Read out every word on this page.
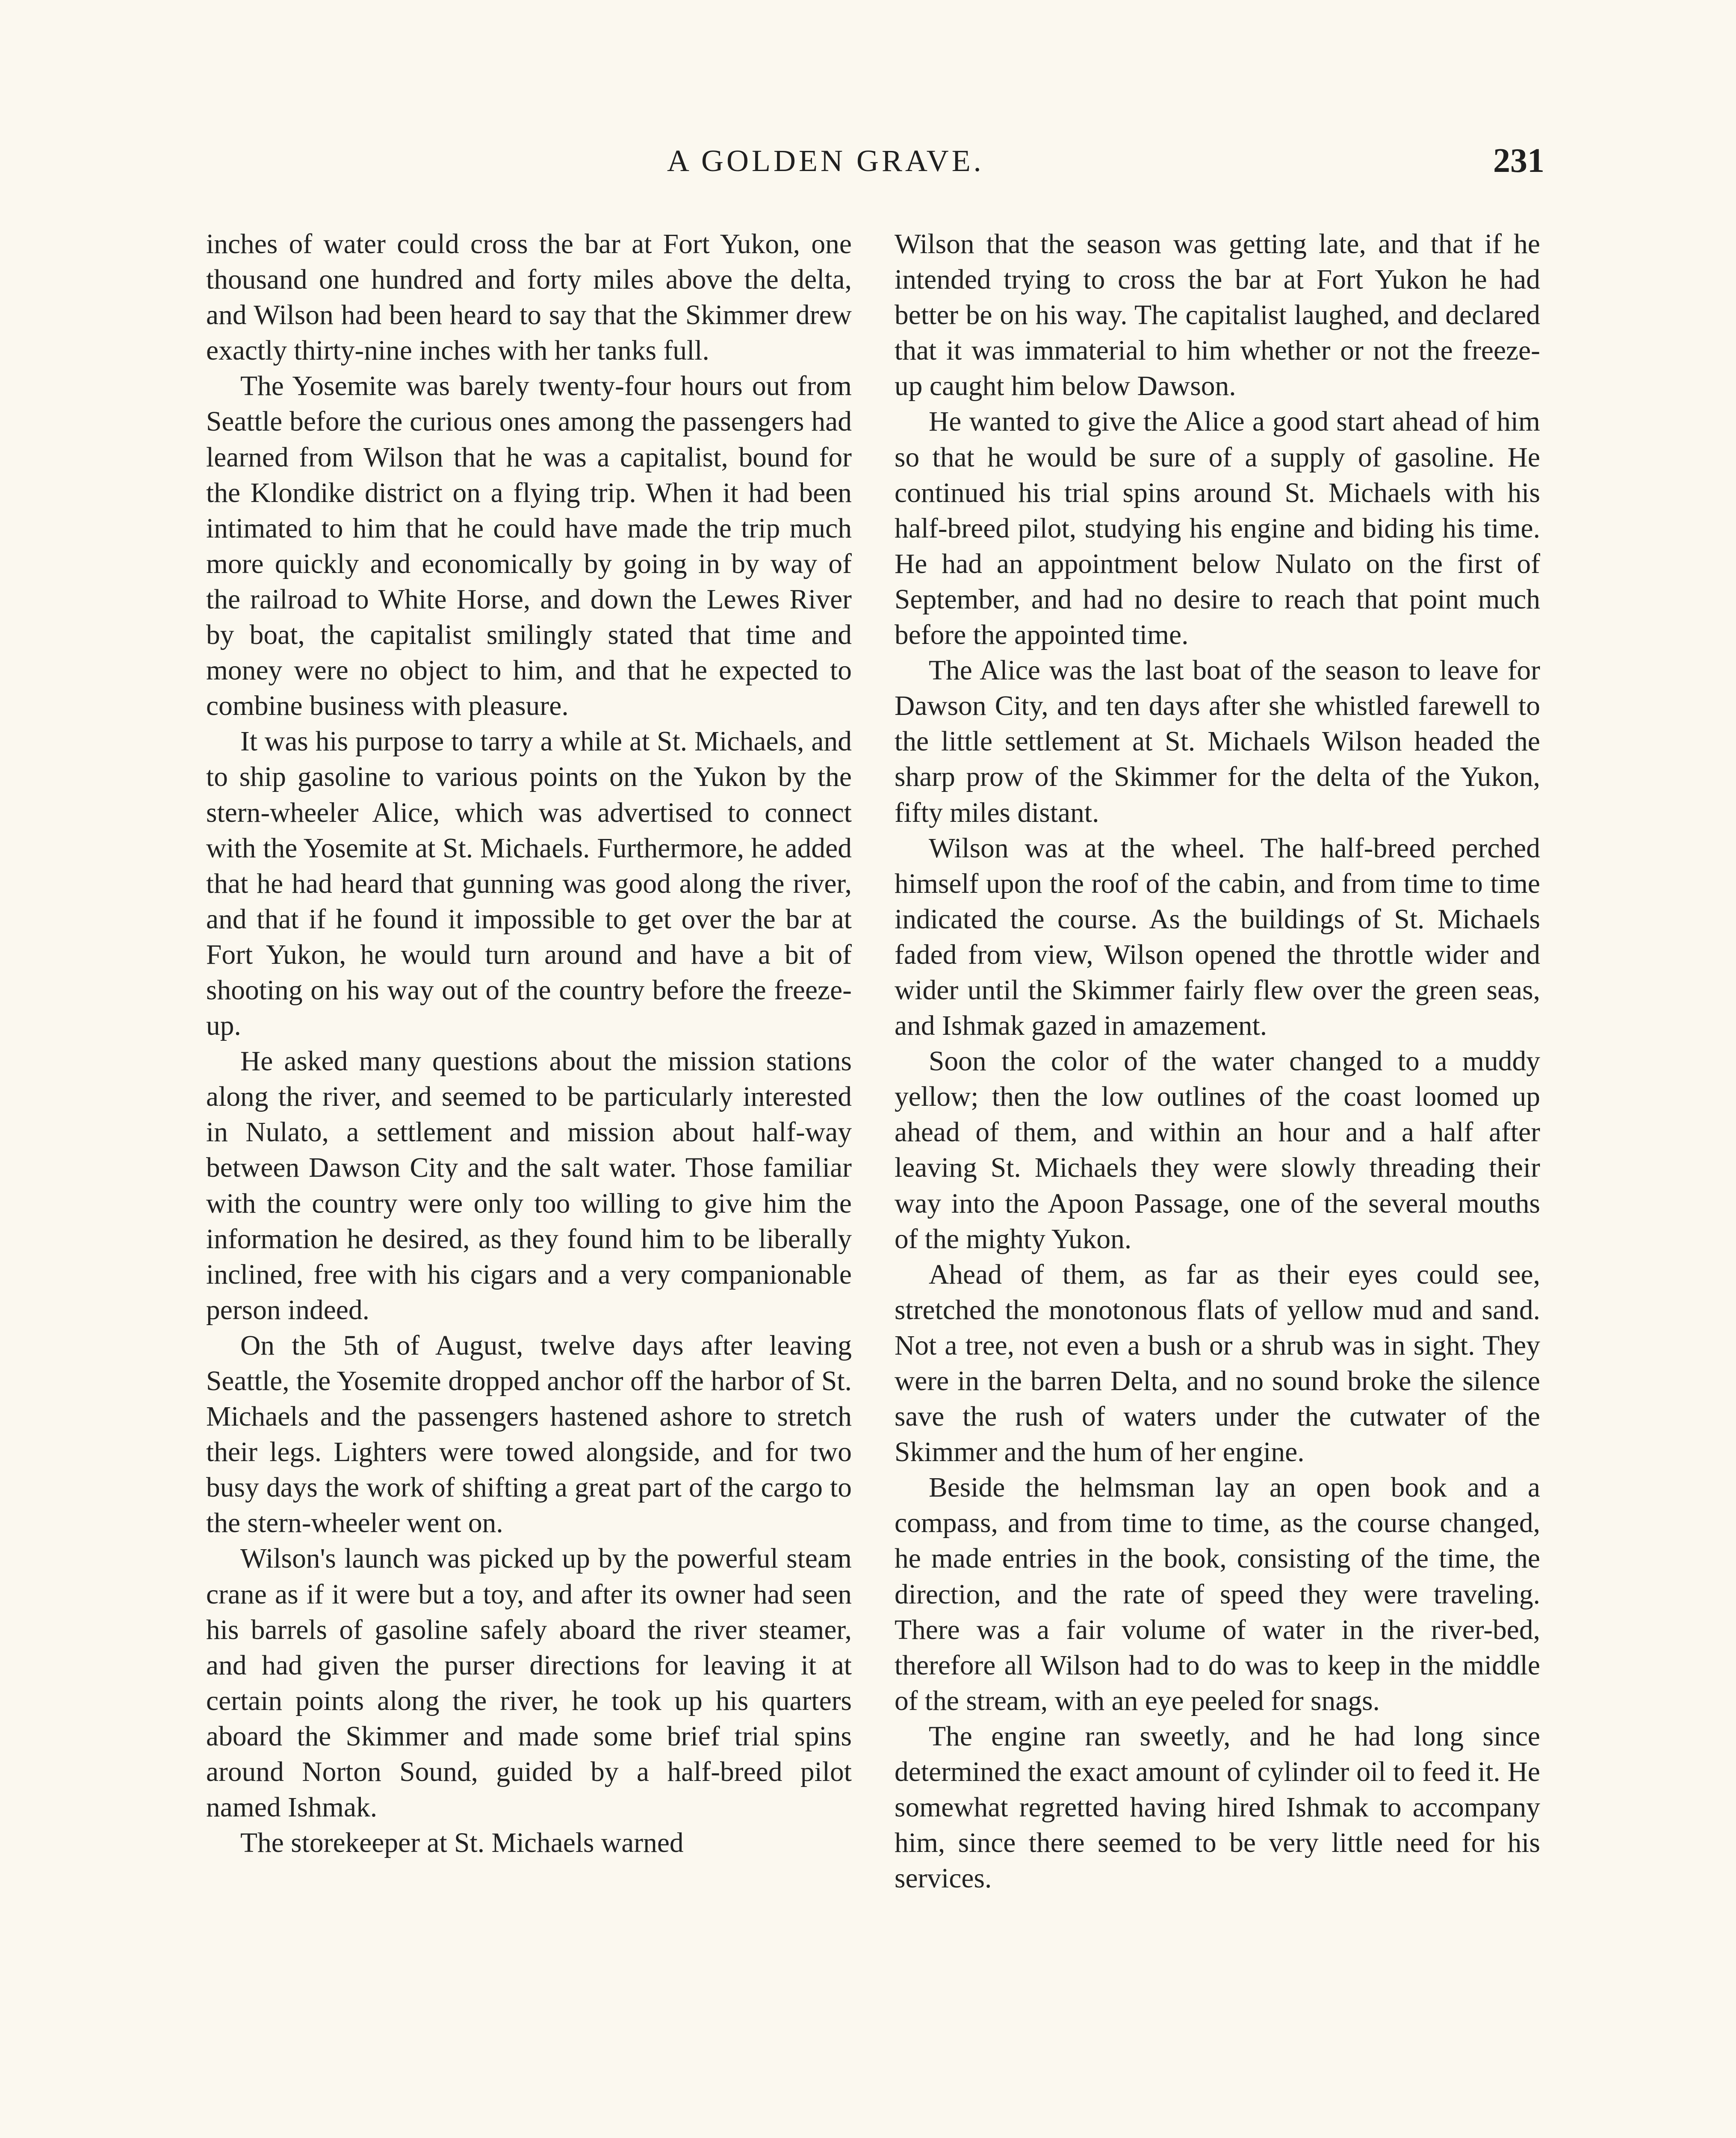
A GOLDEN GRAVE.	231

inches of water could cross the bar at Fort Yukon, one thousand one hundred and forty miles above the delta, and Wilson had been heard to say that the Skimmer drew exactly thirty-nine inches with her tanks full.

The Yosemite was barely twenty-four hours out from Seattle before the curious ones among the passengers had learned from Wilson that he was a capitalist, bound for the Klondike district on a flying trip. When it had been intimated to him that he could have made the trip much more quickly and economically by going in by way of the railroad to White Horse, and down the Lewes River by boat, the capitalist smilingly stated that time and money were no object to him, and that he expected to combine business with pleasure.

It was his purpose to tarry a while at St. Michaels, and to ship gasoline to various points on the Yukon by the stern-wheeler Alice, which was advertised to connect with the Yosemite at St. Michaels. Furthermore, he added that he had heard that gunning was good along the river, and that if he found it impossible to get over the bar at Fort Yukon, he would turn around and have a bit of shooting on his way out of the country before the freeze-up.

He asked many questions about the mission stations along the river, and seemed to be particularly interested in Nulato, a settlement and mission about half-way between Dawson City and the salt water. Those familiar with the country were only too willing to give him the information he desired, as they found him to be liberally inclined, free with his cigars and a very companionable person indeed.

On the 5th of August, twelve days after leaving Seattle, the Yosemite dropped anchor off the harbor of St. Michaels and the passengers hastened ashore to stretch their legs. Lighters were towed alongside, and for two busy days the work of shifting a great part of the cargo to the stern-wheeler went on.

Wilson's launch was picked up by the powerful steam crane as if it were but a toy, and after its owner had seen his barrels of gasoline safely aboard the river steamer, and had given the purser directions for leaving it at certain points along the river, he took up his quarters aboard the Skimmer and made some brief trial spins around Norton Sound, guided by a half-breed pilot named Ishmak.

The storekeeper at St. Michaels warned

Wilson that the season was getting late, and that if he intended trying to cross the bar at Fort Yukon he had better be on his way. The capitalist laughed, and declared that it was immaterial to him whether or not the freeze-up caught him below Dawson.

He wanted to give the Alice a good start ahead of him so that he would be sure of a supply of gasoline. He continued his trial spins around St. Michaels with his half-breed pilot, studying his engine and biding his time. He had an appointment below Nulato on the first of September, and had no desire to reach that point much before the appointed time.

The Alice was the last boat of the season to leave for Dawson City, and ten days after she whistled farewell to the little settlement at St. Michaels Wilson headed the sharp prow of the Skimmer for the delta of the Yukon, fifty miles distant.

Wilson was at the wheel. The half-breed perched himself upon the roof of the cabin, and from time to time indicated the course. As the buildings of St. Michaels faded from view, Wilson opened the throttle wider and wider until the Skimmer fairly flew over the green seas, and Ishmak gazed in amazement.

Soon the color of the water changed to a muddy yellow; then the low outlines of the coast loomed up ahead of them, and within an hour and a half after leaving St. Michaels they were slowly threading their way into the Apoon Passage, one of the several mouths of the mighty Yukon.

Ahead of them, as far as their eyes could see, stretched the monotonous flats of yellow mud and sand. Not a tree, not even a bush or a shrub was in sight. They were in the barren Delta, and no sound broke the silence save the rush of waters under the cutwater of the Skimmer and the hum of her engine.

Beside the helmsman lay an open book and a compass, and from time to time, as the course changed, he made entries in the book, consisting of the time, the direction, and the rate of speed they were traveling. There was a fair volume of water in the river-bed, therefore all Wilson had to do was to keep in the middle of the stream, with an eye peeled for snags.

The engine ran sweetly, and he had long since determined the exact amount of cylinder oil to feed it. He somewhat regretted having hired Ishmak to accompany him, since there seemed to be very little need for his services.
